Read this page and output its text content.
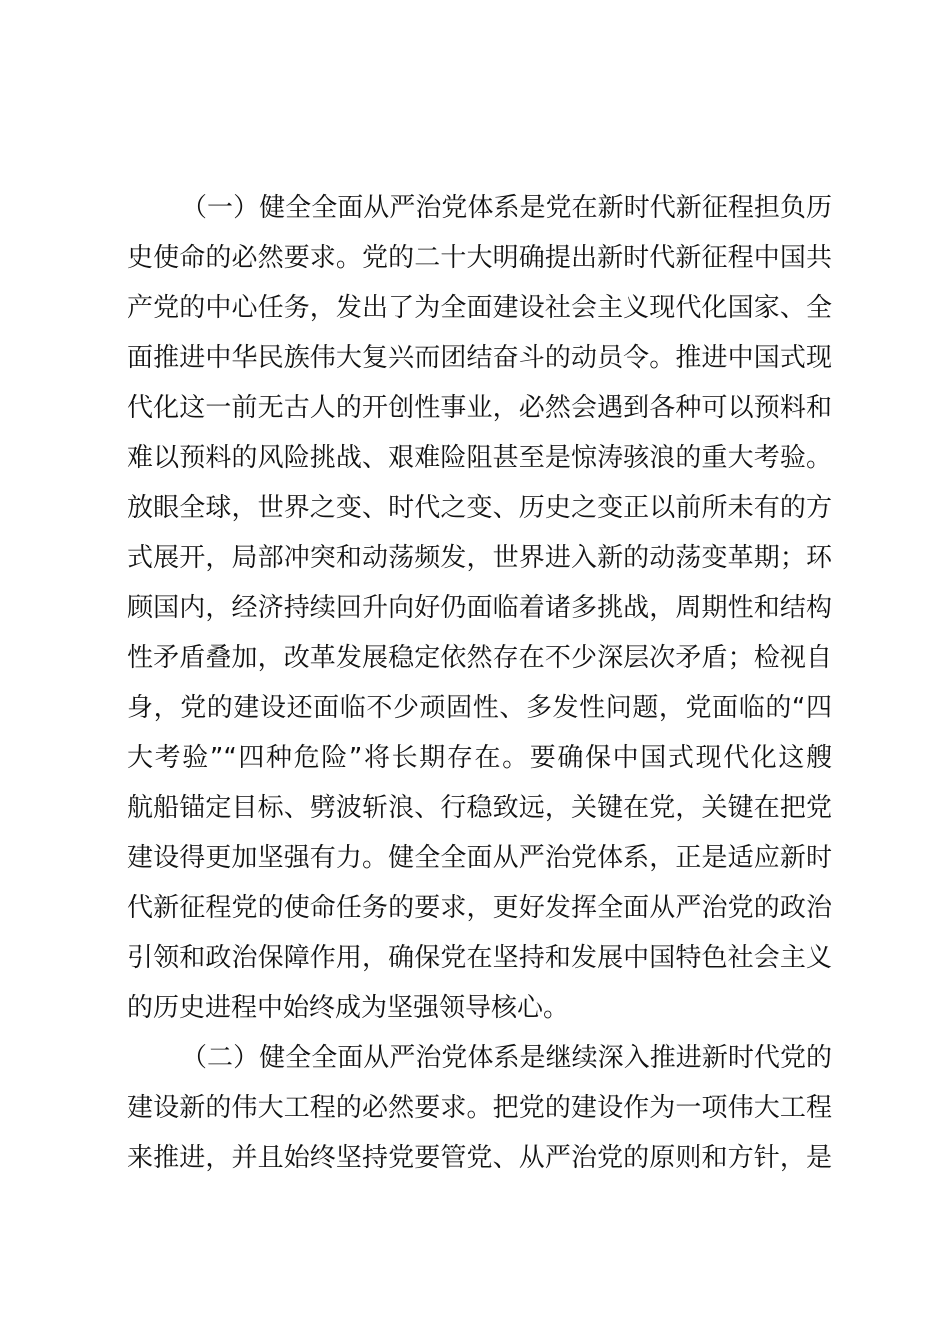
（一）健全全面从严治党体系是党在新时代新征程担负历
史使命的必然要求。党的二十大明确提出新时代新征程中国共
产党的中心任务，发出了为全面建设社会主义现代化国家、全
面推进中华民族伟大复兴而团结奋斗的动员令。推进中国式现
代化这一前无古人的开创性事业，必然会遇到各种可以预料和
难以预料的风险挑战、艰难险阻甚至是惊涛骇浪的重大考验。
放眼全球，世界之变、时代之变、历史之变正以前所未有的方
式展开，局部冲突和动荡频发，世界进入新的动荡变革期；环
顾国内，经济持续回升向好仍面临着诸多挑战，周期性和结构
性矛盾叠加，改革发展稳定依然存在不少深层次矛盾；检视自
身，党的建设还面临不少顽固性、多发性问题，党面临的“四
大考验”“四种危险”将长期存在。要确保中国式现代化这艘
航船锚定目标、劈波斩浪、行稳致远，关键在党，关键在把党
建设得更加坚强有力。健全全面从严治党体系，正是适应新时
代新征程党的使命任务的要求，更好发挥全面从严治党的政治
引领和政治保障作用，确保党在坚持和发展中国特色社会主义
的历史进程中始终成为坚强领导核心。
（二）健全全面从严治党体系是继续深入推进新时代党的
建设新的伟大工程的必然要求。把党的建设作为一项伟大工程
来推进，并且始终坚持党要管党、从严治党的原则和方针，是
